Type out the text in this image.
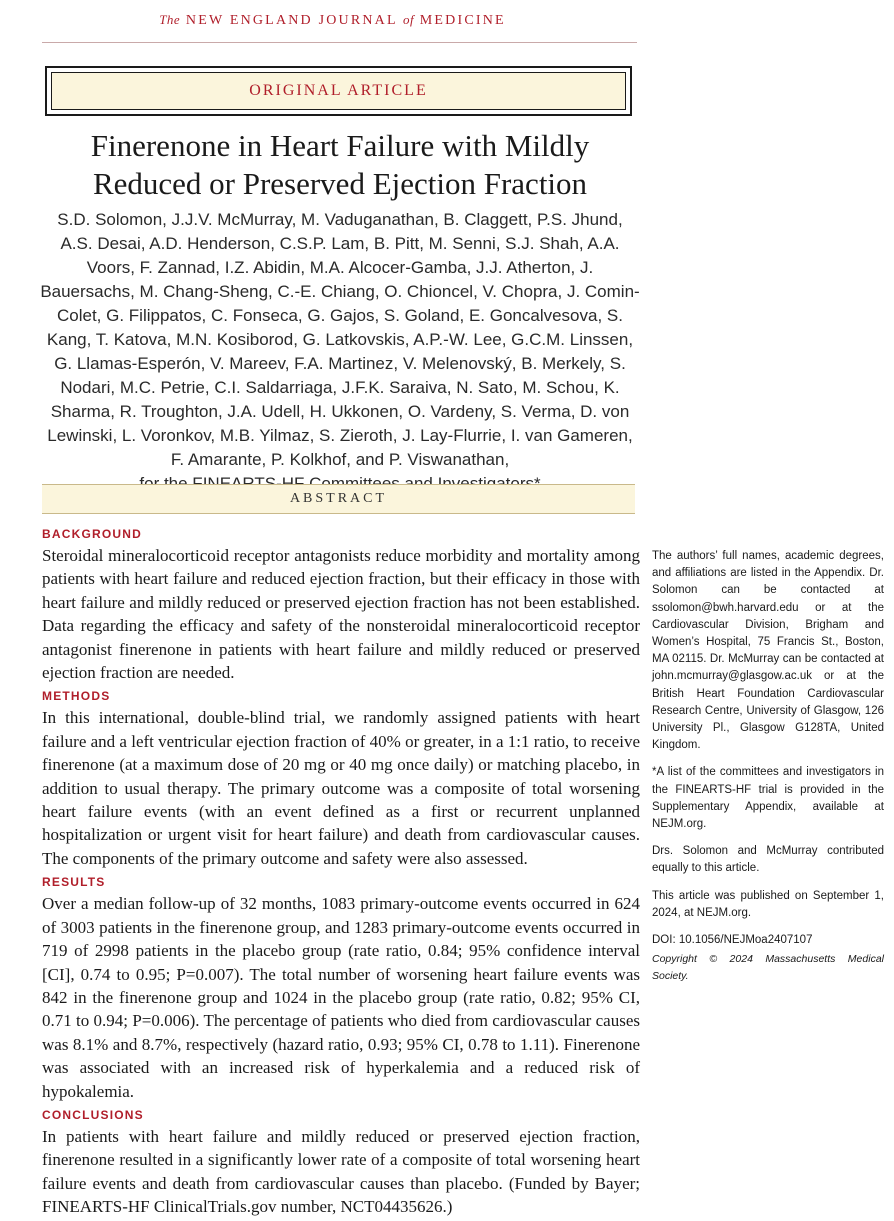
The NEW ENGLAND JOURNAL of MEDICINE
ORIGINAL ARTICLE
Finerenone in Heart Failure with Mildly Reduced or Preserved Ejection Fraction
S.D. Solomon, J.J.V. McMurray, M. Vaduganathan, B. Claggett, P.S. Jhund, A.S. Desai, A.D. Henderson, C.S.P. Lam, B. Pitt, M. Senni, S.J. Shah, A.A. Voors, F. Zannad, I.Z. Abidin, M.A. Alcocer-Gamba, J.J. Atherton, J. Bauersachs, M. Chang-Sheng, C.-E. Chiang, O. Chioncel, V. Chopra, J. Comin-Colet, G. Filippatos, C. Fonseca, G. Gajos, S. Goland, E. Goncalvesova, S. Kang, T. Katova, M.N. Kosiborod, G. Latkovskis, A.P.-W. Lee, G.C.M. Linssen, G. Llamas-Esperón, V. Mareev, F.A. Martinez, V. Melenovský, B. Merkely, S. Nodari, M.C. Petrie, C.I. Saldarriaga, J.F.K. Saraiva, N. Sato, M. Schou, K. Sharma, R. Troughton, J.A. Udell, H. Ukkonen, O. Vardeny, S. Verma, D. von Lewinski, L. Voronkov, M.B. Yilmaz, S. Zieroth, J. Lay-Flurrie, I. van Gameren, F. Amarante, P. Kolkhof, and P. Viswanathan,
ABSTRACT

BACKGROUND

Steroidal mineralocorticoid receptor antagonists reduce morbidity and mortality among patients with heart failure and reduced ejection fraction, but their efficacy in those with heart failure and mildly reduced or preserved ejection fraction has not been established. Data regarding the efficacy and safety of the nonsteroidal mineralocorticoid receptor antagonist finerenone in patients with heart failure and mildly reduced or preserved ejection fraction are needed.

METHODS

In this international, double-blind trial, we randomly assigned patients with heart failure and a left ventricular ejection fraction of 40% or greater, in a 1:1 ratio, to receive finerenone (at a maximum dose of 20 mg or 40 mg once daily) or matching placebo, in addition to usual therapy. The primary outcome was a composite of total worsening heart failure events (with an event defined as a first or recurrent unplanned hospitalization or urgent visit for heart failure) and death from cardiovascular causes. The components of the primary outcome and safety were also assessed.

RESULTS

Over a median follow-up of 32 months, 1083 primary-outcome events occurred in 624 of 3003 patients in the finerenone group, and 1283 primary-outcome events occurred in 719 of 2998 patients in the placebo group (rate ratio, 0.84; 95% confidence interval [CI], 0.74 to 0.95; P=0.007). The total number of worsening heart failure events was 842 in the finerenone group and 1024 in the placebo group (rate ratio, 0.82; 95% CI, 0.71 to 0.94; P=0.006). The percentage of patients who died from cardiovascular causes was 8.1% and 8.7%, respectively (hazard ratio, 0.93; 95% CI, 0.78 to 1.11). Finerenone was associated with an increased risk of hyperkalemia and a reduced risk of hypokalemia.

CONCLUSIONS

In patients with heart failure and mildly reduced or preserved ejection fraction, finerenone resulted in a significantly lower rate of a composite of total worsening heart failure events and death from cardiovascular causes than placebo. (Funded by Bayer; FINEARTS-HF ClinicalTrials.gov number, NCT04435626.)

The authors’ full names, academic degrees, and affiliations are listed in the Appendix. Dr. Solomon can be contacted at ssolomon@bwh.harvard.edu or at the Cardiovascular Division, Brigham and Women’s Hospital, 75 Francis St., Boston, MA 02115. Dr. McMurray can be contacted at john.mcmurray@glasgow.ac.uk or at the British Heart Foundation Cardiovascular Research Centre, University of Glasgow, 126 University Pl., Glasgow G128TA, United Kingdom.

*A list of the committees and investigators in the FINEARTS-HF trial is provided in the Supplementary Appendix, available at NEJM.org.

Drs. Solomon and McMurray contributed equally to this article.

This article was published on September 1, 2024, at NEJM.org.

DOI: 10.1056/NEJMoa2407107

Copyright © 2024 Massachusetts Medical Society.
